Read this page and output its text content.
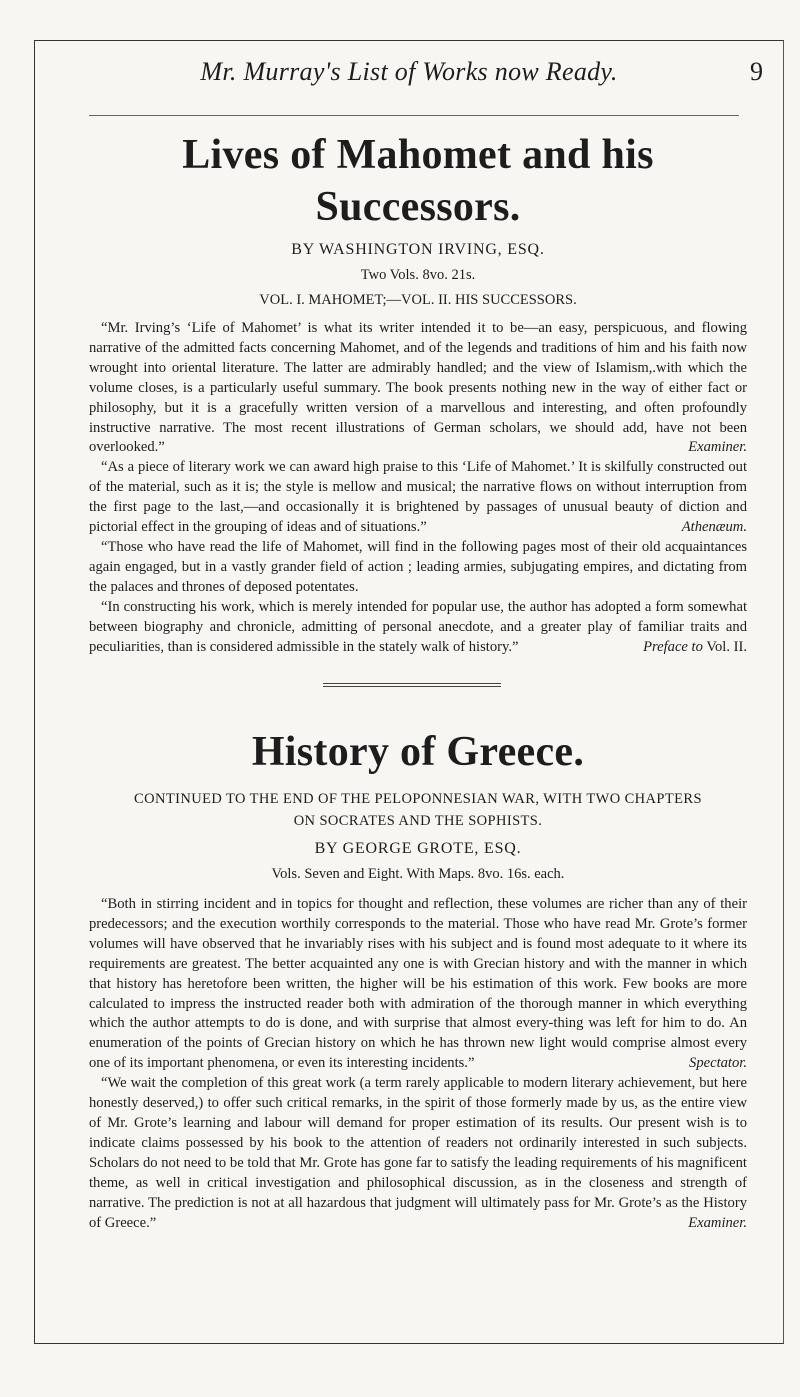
Mr. Murray's List of Works now Ready.	9
Lives of Mahomet and his Successors.
BY WASHINGTON IRVING, ESQ.
Two Vols. 8vo. 21s.
VOL. I. MAHOMET;—VOL. II. HIS SUCCESSORS.

“Mr. Irving’s ‘Life of Mahomet’ is what its writer intended it to be—an easy, perspicuous, and flowing narrative of the admitted facts concerning Mahomet, and of the legends and traditions of him and his faith now wrought into oriental literature. The latter are admirably handled; and the view of Islamism,.with which the volume closes, is a particularly useful summary. The book presents nothing new in the way of either fact or philosophy, but it is a gracefully written version of a marvellous and interesting, and often profoundly instructive narrative. The most recent illustrations of German scholars, we should add, have not been overlooked.”	Examiner.

“As a piece of literary work we can award high praise to this ‘Life of Mahomet.’ It is skilfully constructed out of the material, such as it is; the style is mellow and musical; the narrative flows on without interruption from the first page to the last,—and occasionally it is brightened by passages of unusual beauty of diction and pictorial effect in the grouping of ideas and of situations.”	Athenæum.

“Those who have read the life of Mahomet, will find in the following pages most of their old acquaintances again engaged, but in a vastly grander field of action ; leading armies, subjugating empires, and dictating from the palaces and thrones of deposed potentates.

“In constructing his work, which is merely intended for popular use, the author has adopted a form somewhat between biography and chronicle, admitting of personal anecdote, and a greater play of familiar traits and peculiarities, than is considered admissible in the stately walk of history.”	Preface to Vol. II.

History of Greece.
CONTINUED TO THE END OF THE PELOPONNESIAN WAR, WITH TWO CHAPTERS
ON SOCRATES AND THE SOPHISTS.
BY GEORGE GROTE, ESQ.
Vols. Seven and Eight. With Maps. 8vo. 16s. each.

“Both in stirring incident and in topics for thought and reflection, these volumes are richer than any of their predecessors; and the execution worthily corresponds to the material. Those who have read Mr. Grote’s former volumes will have observed that he invariably rises with his subject and is found most adequate to it where its requirements are greatest. The better acquainted any one is with Grecian history and with the manner in which that history has heretofore been written, the higher will be his estimation of this work. Few books are more calculated to impress the instructed reader both with admiration of the thorough manner in which everything which the author attempts to do is done, and with surprise that almost every-thing was left for him to do. An enumeration of the points of Grecian history on which he has thrown new light would comprise almost every one of its important phenomena, or even its interesting incidents.”	Spectator.

“We wait the completion of this great work (a term rarely applicable to modern literary achievement, but here honestly deserved,) to offer such critical remarks, in the spirit of those formerly made by us, as the entire view of Mr. Grote’s learning and labour will demand for proper estimation of its results. Our present wish is to indicate claims possessed by his book to the attention of readers not ordinarily interested in such subjects. Scholars do not need to be told that Mr. Grote has gone far to satisfy the leading requirements of his magnificent theme, as well in critical investigation and philosophical discussion, as in the closeness and strength of narrative. The prediction is not at all hazardous that judgment will ultimately pass for Mr. Grote’s as the History of Greece.”	Examiner.
